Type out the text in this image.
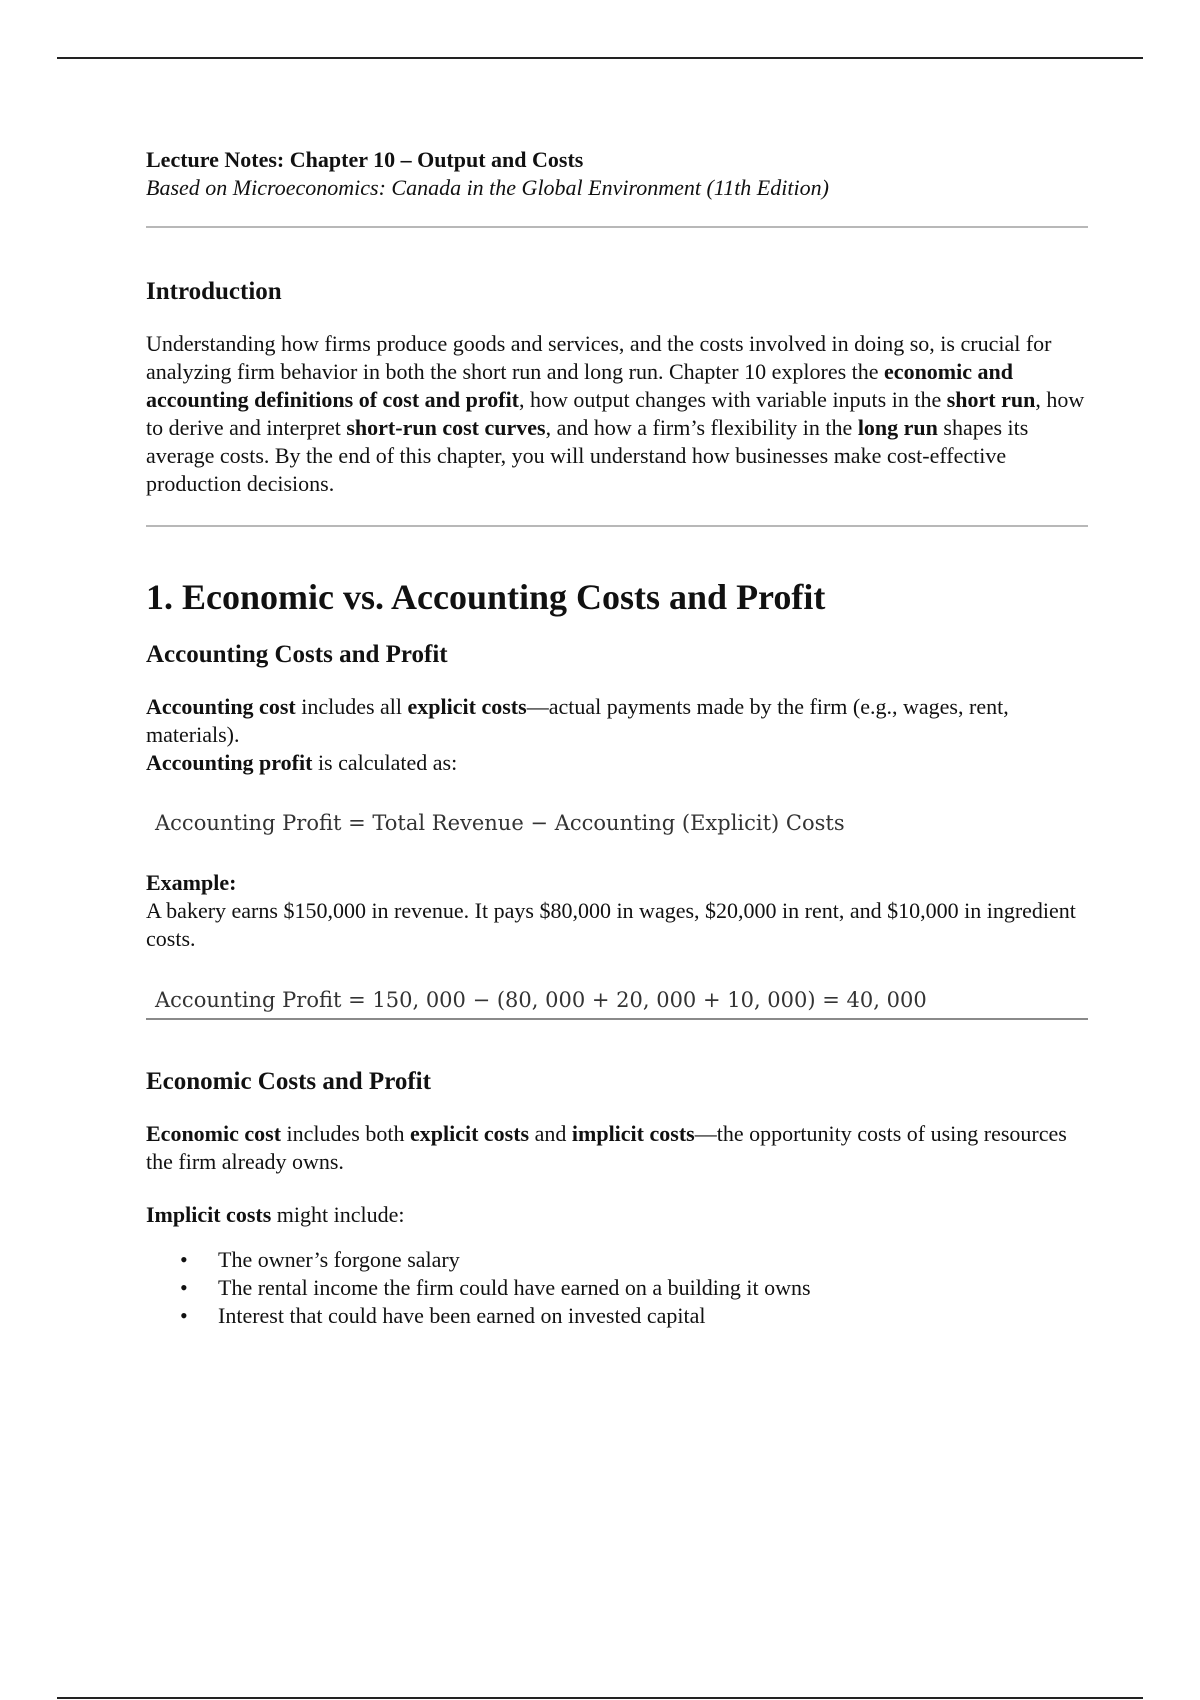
Lecture Notes: Chapter 10 – Output and Costs

Based on Microeconomics: Canada in the Global Environment (11th Edition)

Introduction

Understanding how firms produce goods and services, and the costs involved in doing so, is crucial for analyzing firm behavior in both the short run and long run. Chapter 10 explores the economic and accounting definitions of cost and profit, how output changes with variable inputs in the short run, how to derive and interpret short-run cost curves, and how a firm’s flexibility in the long run shapes its average costs. By the end of this chapter, you will understand how businesses make cost-effective production decisions.

1. Economic vs. Accounting Costs and Profit
Accounting Costs and Profit

Accounting cost includes all explicit costs—actual payments made by the firm (e.g., wages, rent, materials).

Accounting profit is calculated as:

Accounting Profit = Total Revenue − Accounting (Explicit) Costs

Example:

A bakery earns $150,000 in revenue. It pays $80,000 in wages, $20,000 in rent, and $10,000 in ingredient costs.

Accounting Profit = 150, 000 − (80, 000 + 20, 000 + 10, 000) = 40, 000

Economic Costs and Profit

Economic cost includes both explicit costs and implicit costs—the opportunity costs of using resources the firm already owns.

Implicit costs might include:

• The owner’s forgone salary
• The rental income the firm could have earned on a building it owns
• Interest that could have been earned on invested capital
